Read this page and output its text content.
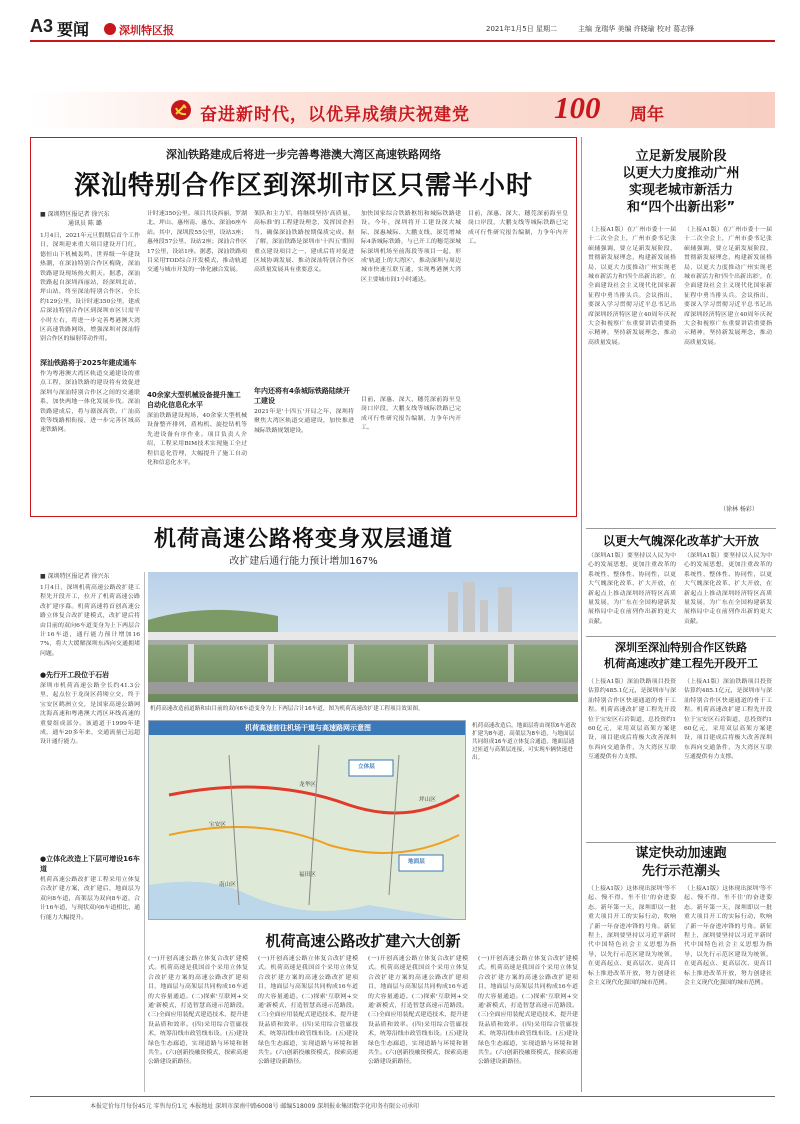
A3 要闻	深圳特区报	2021年1月5日 星期二	主编 龙瑞华 美编 许晓瑜 校对 葛志锋
奋进新时代，以优异成绩庆祝建党	100 周年
深汕铁路建成后将进一步完善粤港澳大湾区高速铁路网络
深汕特别合作区到深圳市区只需半小时
■ 深圳特区报记者 徐兴东
通讯员 陈 璐
1月4日，2021年元旦假期后首个工作日，深圳迎来重大项目建设开门红。德恒山下机械轰鸣，世界级一年建设热潮，在深汕特别合作区梅陇，深汕铁路建设现场热火朝天。据悉，深汕铁路起自深圳西丽站，经深圳北站、坪山站，终至深汕特别合作区，全长约129公里，设计时速350公里，建成后深汕特别合作区到深圳市区只需半小时左右，将进一步完善粤港澳大湾区高速铁路网络，增强深圳对深汕特别合作区的辐射带动作用。
深汕铁路将于2025年建成通车
作为粤港澳大湾区轨道交通建设的重点工程，深汕铁路的建设将有效促进深圳与深汕特别合作区之间的交通联系，加快两地一体化发展步伐。深汕铁路建成后，将与赣深高铁、广汕高铁等线路相衔接，进一步完善区域高速铁路网。
计时速350公里。项目共设西丽、罗湖北、坪山、惠州南、惠东、深汕6座车站。其中，深圳段55公里，设站3座；惠州段57公里，设站2座；深汕合作区17公里，设站1座。据悉，深汕铁路项目采用TOD综合开发模式，推动轨道交通与城市开发的一体化融合发展。
40余家大型机械设备提升施工自动化信息化水平
深汕铁路建设现场，40余家大型机械设备整齐排列，盾构机、旋挖钻机等先进设备有序作业。项目负责人介绍，工程采用BIM技术实现施工全过程信息化管理，大幅提升了施工自动化和信息化水平。
架队和主力军，将继续坚持'高质量、高标准'的工程建设理念，发挥国企担当，确保深汕铁路按期保质完成。据了解，深汕铁路是深圳市'十四五'期间重点建设项目之一，建成后将对促进区域协调发展、推动深汕特别合作区高质量发展具有重要意义。
年内还将有4条城际铁路陆续开工建设
2021年是'十四五'开局之年，深圳将聚焦大湾区轨道交通建设，加快推进城际铁路规划建设。
加快国家综合铁路枢纽和城际铁路建设。今年，深圳将开工建设深大城际、深惠城际、大鹏支线、深莞增城际4条城际铁路，与已开工的穗莞深城际深圳机场至前海段等项目一起，形成'轨道上的大湾区'，推动深圳与周边城市快速互联互通，实现粤港澳大湾区主要城市间1小时通达。
目前，深惠、深大、穗莞深前海至皇岗口岸段，大鹏支线等城际铁路已完成可行性研究报告编制，力争年内开工。
目前，深惠、深大、穗莞深前海至皇岗口岸段，大鹏支线等城际铁路已完成可行性研究报告编制，力争年内开工。
立足新发展阶段
以更大力度推动广州
实现老城市新活力
和“四个出新出彩”
（上接A1版）在广州市委十一届十二次全会上，广州市委书记张硕辅强调，要立足新发展阶段，贯彻新发展理念，构建新发展格局，以更大力度推动广州实现老城市新活力和'四个出新出彩'，在全面建设社会主义现代化国家新征程中勇当排头兵。会议指出，要深入学习贯彻习近平总书记出席深圳经济特区建立40周年庆祝大会和视察广东重要讲话重要指示精神，坚持新发展理念，推动高质量发展。
（上接A1版）在广州市委十一届十二次全会上，广州市委书记张硕辅强调，要立足新发展阶段，贯彻新发展理念，构建新发展格局，以更大力度推动广州实现老城市新活力和'四个出新出彩'，在全面建设社会主义现代化国家新征程中勇当排头兵。会议指出，要深入学习贯彻习近平总书记出席深圳经济特区建立40周年庆祝大会和视察广东重要讲话重要指示精神，坚持新发展理念，推动高质量发展。
（徐林 杨彩）
机荷高速公路将变身双层通道
改扩建后通行能力预计增加167%
■ 深圳特区报记者 徐兴东
1月4日，深圳机荷高速公路改扩建工程先开段开工，拉开了机荷高速公路改扩建序幕。机荷高速将首创高速公路立体复合改扩建模式，改扩建后将由目前的双向6车道变身为上下两层合计16车道，通行能力预计增加167%，将大大缓解深圳东西向交通拥堵问题。
●先行开工段位于石岩
深圳市机荷高速公路全长约41.3公里，起点位于龙岗区荷坳立交，终于宝安区鹤洲立交，是国家高速公路网沈海高速和粤港澳大湾区环线高速的重要组成部分。该通道于1999年建成，通车20多年来，交通流量已远超设计通行能力。
●立体化改造上下层可增设16车道
机荷高速公路改扩建工程采用立体复合改扩建方案，改扩建后，地面层为双向8车道，高架层为双向8车道，合计16车道，与现状双向6车道相比，通行能力大幅提升。
机荷高速改造前道路和由目前的双向6车道变身为上下两层合计16车道，图为机荷高速改扩建工程项目效果图。
机荷高速前往机场干道与高速路网示意图
立体层
地面层
宝安区
龙华区
南山区
福田区
坪山区
机荷高速改造后，地面层将由现状6车道改扩建为8车道，高架层为8车道，与地面层共同组成16车道立体复合通道，地面层通过匝道与高架层连接，可实现车辆快速进出。
机荷高速公路改扩建六大创新
(一)开创高速公路立体复合改扩建模式。机荷高速是我国首个采用立体复合改扩建方案的高速公路改扩建项目，地面层与高架层共同构成16车道的大容量通道。(二)探索'互联网+交通'新模式，打造智慧高速示范路段。(三)全面应用装配式建造技术，提升建设品质和效率。(四)采用综合管廊技术，统筹沿线市政管线布设。(五)建设绿色生态廊道，实现道路与环境和谐共生。(六)创新投融资模式，探索高速公路建设新路径。
(一)开创高速公路立体复合改扩建模式。机荷高速是我国首个采用立体复合改扩建方案的高速公路改扩建项目，地面层与高架层共同构成16车道的大容量通道。(二)探索'互联网+交通'新模式，打造智慧高速示范路段。(三)全面应用装配式建造技术，提升建设品质和效率。(四)采用综合管廊技术，统筹沿线市政管线布设。(五)建设绿色生态廊道，实现道路与环境和谐共生。(六)创新投融资模式，探索高速公路建设新路径。
(一)开创高速公路立体复合改扩建模式。机荷高速是我国首个采用立体复合改扩建方案的高速公路改扩建项目，地面层与高架层共同构成16车道的大容量通道。(二)探索'互联网+交通'新模式，打造智慧高速示范路段。(三)全面应用装配式建造技术，提升建设品质和效率。(四)采用综合管廊技术，统筹沿线市政管线布设。(五)建设绿色生态廊道，实现道路与环境和谐共生。(六)创新投融资模式，探索高速公路建设新路径。
(一)开创高速公路立体复合改扩建模式。机荷高速是我国首个采用立体复合改扩建方案的高速公路改扩建项目，地面层与高架层共同构成16车道的大容量通道。(二)探索'互联网+交通'新模式，打造智慧高速示范路段。(三)全面应用装配式建造技术，提升建设品质和效率。(四)采用综合管廊技术，统筹沿线市政管线布设。(五)建设绿色生态廊道，实现道路与环境和谐共生。(六)创新投融资模式，探索高速公路建设新路径。
以更大气魄深化改革扩大开放
（深圳A1版）要坚持以人民为中心的发展思想，更加注重改革的系统性、整体性、协同性，以更大气魄深化改革、扩大开放，在新起点上推动深圳经济特区高质量发展，为广东在全国构建新发展格局中走在前列作出新的更大贡献。
（深圳A1版）要坚持以人民为中心的发展思想，更加注重改革的系统性、整体性、协同性，以更大气魄深化改革、扩大开放，在新起点上推动深圳经济特区高质量发展，为广东在全国构建新发展格局中走在前列作出新的更大贡献。
深圳至深汕特别合作区铁路
机荷高速改扩建工程先开段开工
（上接A1版）深汕铁路项目投资估算约485.1亿元，是深圳市与深汕特别合作区快速通道的骨干工程。机荷高速改扩建工程先开段位于宝安区石岩街道，总投资约160亿元，采用双层高架方案建设，项目建成后将极大改善深圳东西向交通条件，为大湾区互联互通提供有力支撑。
（上接A1版）深汕铁路项目投资估算约485.1亿元，是深圳市与深汕特别合作区快速通道的骨干工程。机荷高速改扩建工程先开段位于宝安区石岩街道，总投资约160亿元，采用双层高架方案建设，项目建成后将极大改善深圳东西向交通条件，为大湾区互联互通提供有力支撑。
谋定快动加速跑
先行示范潮头
（上接A1版）这体现出深圳'等不起、慢不得、坐不住'的奋进姿态。新年第一天，深圳即以一批重大项目开工的实际行动，吹响了新一年奋进冲锋的号角。新征程上，深圳要坚持以习近平新时代中国特色社会主义思想为指导，以先行示范区建设为统领，在更高起点、更高层次、更高目标上推进改革开放，努力创建社会主义现代化强国的城市范例。
（上接A1版）这体现出深圳'等不起、慢不得、坐不住'的奋进姿态。新年第一天，深圳即以一批重大项目开工的实际行动，吹响了新一年奋进冲锋的号角。新征程上，深圳要坚持以习近平新时代中国特色社会主义思想为指导，以先行示范区建设为统领，在更高起点、更高层次、更高目标上推进改革开放，努力创建社会主义现代化强国的城市范例。
本报定价每月每份45元 零售每份1元 本报地址 深圳市深南中路6008号 邮编518009 深圳报业集团数字化印务有限公司承印
